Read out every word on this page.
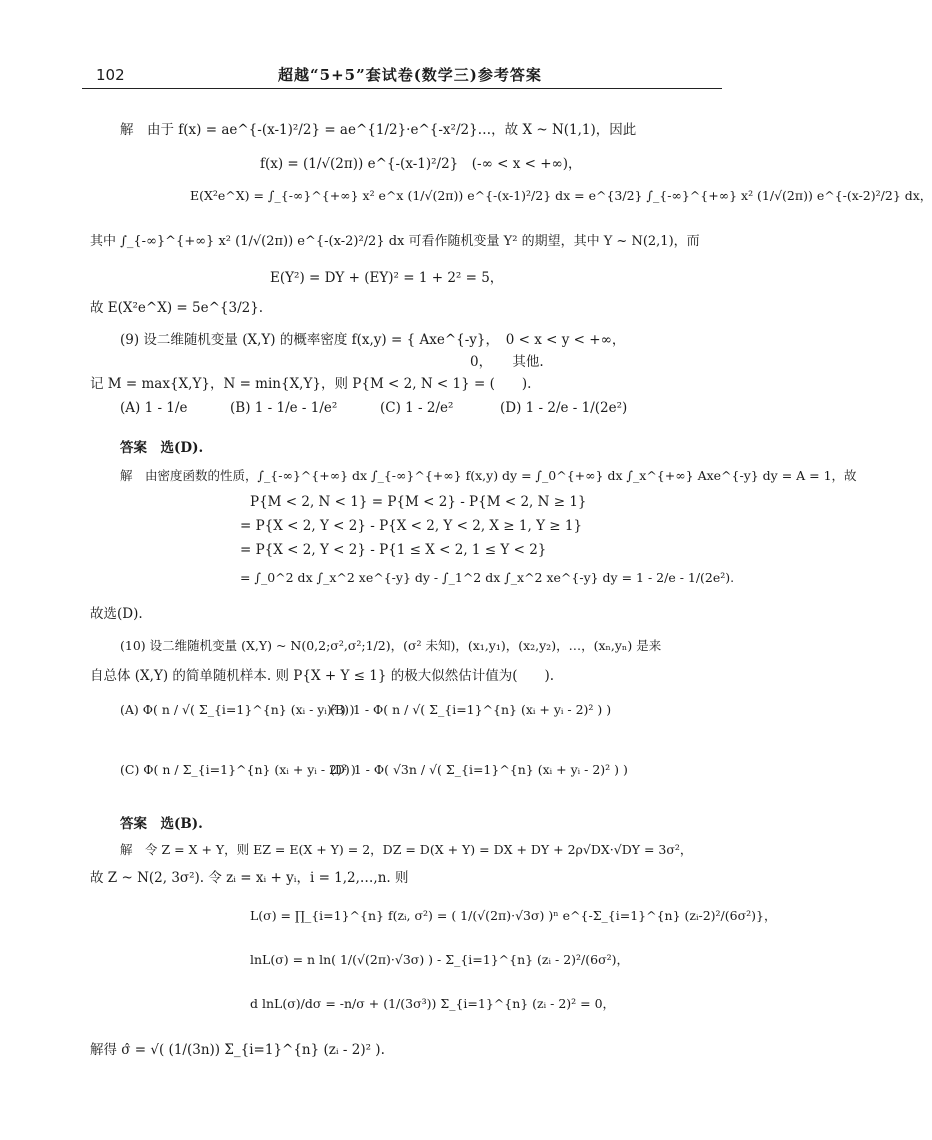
102	超越“5+5”套试卷(数学三)参考答案
解　由于 f(x) = ae^{-(x-1)²/2} = ae^{1/2}·e^{-x²/2}…，故 X ~ N(1,1)，因此
f(x) = (1/√(2π)) e^{-(x-1)²/2}　(-∞ < x < +∞)，
E(X²e^X) = ∫_{-∞}^{+∞} x² e^x (1/√(2π)) e^{-(x-1)²/2} dx = e^{3/2} ∫_{-∞}^{+∞} x² (1/√(2π)) e^{-(x-2)²/2} dx，
其中 ∫_{-∞}^{+∞} x² (1/√(2π)) e^{-(x-2)²/2} dx 可看作随机变量 Y² 的期望，其中 Y ~ N(2,1)，而
E(Y²) = DY + (EY)² = 1 + 2² = 5，
故 E(X²e^X) = 5e^{3/2}.
(9) 设二维随机变量 (X,Y) 的概率密度 f(x,y) = { Axe^{-y}，　0 < x < y < +∞，
0，　　其他.
记 M = max{X,Y}，N = min{X,Y}，则 P{M < 2, N < 1} = (　　).
(A) 1 - 1/e	(B) 1 - 1/e - 1/e²	(C) 1 - 2/e²	(D) 1 - 2/e - 1/(2e²)
答案　选(D).
解　由密度函数的性质，∫_{-∞}^{+∞} dx ∫_{-∞}^{+∞} f(x,y) dy = ∫_0^{+∞} dx ∫_x^{+∞} Axe^{-y} dy = A = 1，故
P{M < 2, N < 1} = P{M < 2} - P{M < 2, N ≥ 1}
= P{X < 2, Y < 2} - P{X < 2, Y < 2, X ≥ 1, Y ≥ 1}
= P{X < 2, Y < 2} - P{1 ≤ X < 2, 1 ≤ Y < 2}
= ∫_0^2 dx ∫_x^2 xe^{-y} dy - ∫_1^2 dx ∫_x^2 xe^{-y} dy = 1 - 2/e - 1/(2e²).
故选(D).
(10) 设二维随机变量 (X,Y) ~ N(0,2;σ²,σ²;1/2)，(σ² 未知)，(x₁,y₁)，(x₂,y₂)，…，(xₙ,yₙ) 是来
自总体 (X,Y) 的简单随机样本. 则 P{X + Y ≤ 1} 的极大似然估计值为(　　).
(A) Φ( n / √( Σ_{i=1}^{n} (xᵢ - yᵢ)² ) )
(B) 1 - Φ( n / √( Σ_{i=1}^{n} (xᵢ + yᵢ - 2)² ) )
(C) Φ( n / Σ_{i=1}^{n} (xᵢ + yᵢ - 2)² )
(D) 1 - Φ( √3n / √( Σ_{i=1}^{n} (xᵢ + yᵢ - 2)² ) )
答案　选(B).
解　令 Z = X + Y，则 EZ = E(X + Y) = 2，DZ = D(X + Y) = DX + DY + 2ρ√DX·√DY = 3σ²，
故 Z ~ N(2, 3σ²). 令 zᵢ = xᵢ + yᵢ，i = 1,2,…,n. 则
L(σ) = ∏_{i=1}^{n} f(zᵢ, σ²) = ( 1/(√(2π)·√3σ) )ⁿ e^{-Σ_{i=1}^{n} (zᵢ-2)²/(6σ²)}，
lnL(σ) = n ln( 1/(√(2π)·√3σ) ) - Σ_{i=1}^{n} (zᵢ - 2)²/(6σ²)，
d lnL(σ)/dσ = -n/σ + (1/(3σ³)) Σ_{i=1}^{n} (zᵢ - 2)² = 0，
解得 σ̂ = √( (1/(3n)) Σ_{i=1}^{n} (zᵢ - 2)² ).
